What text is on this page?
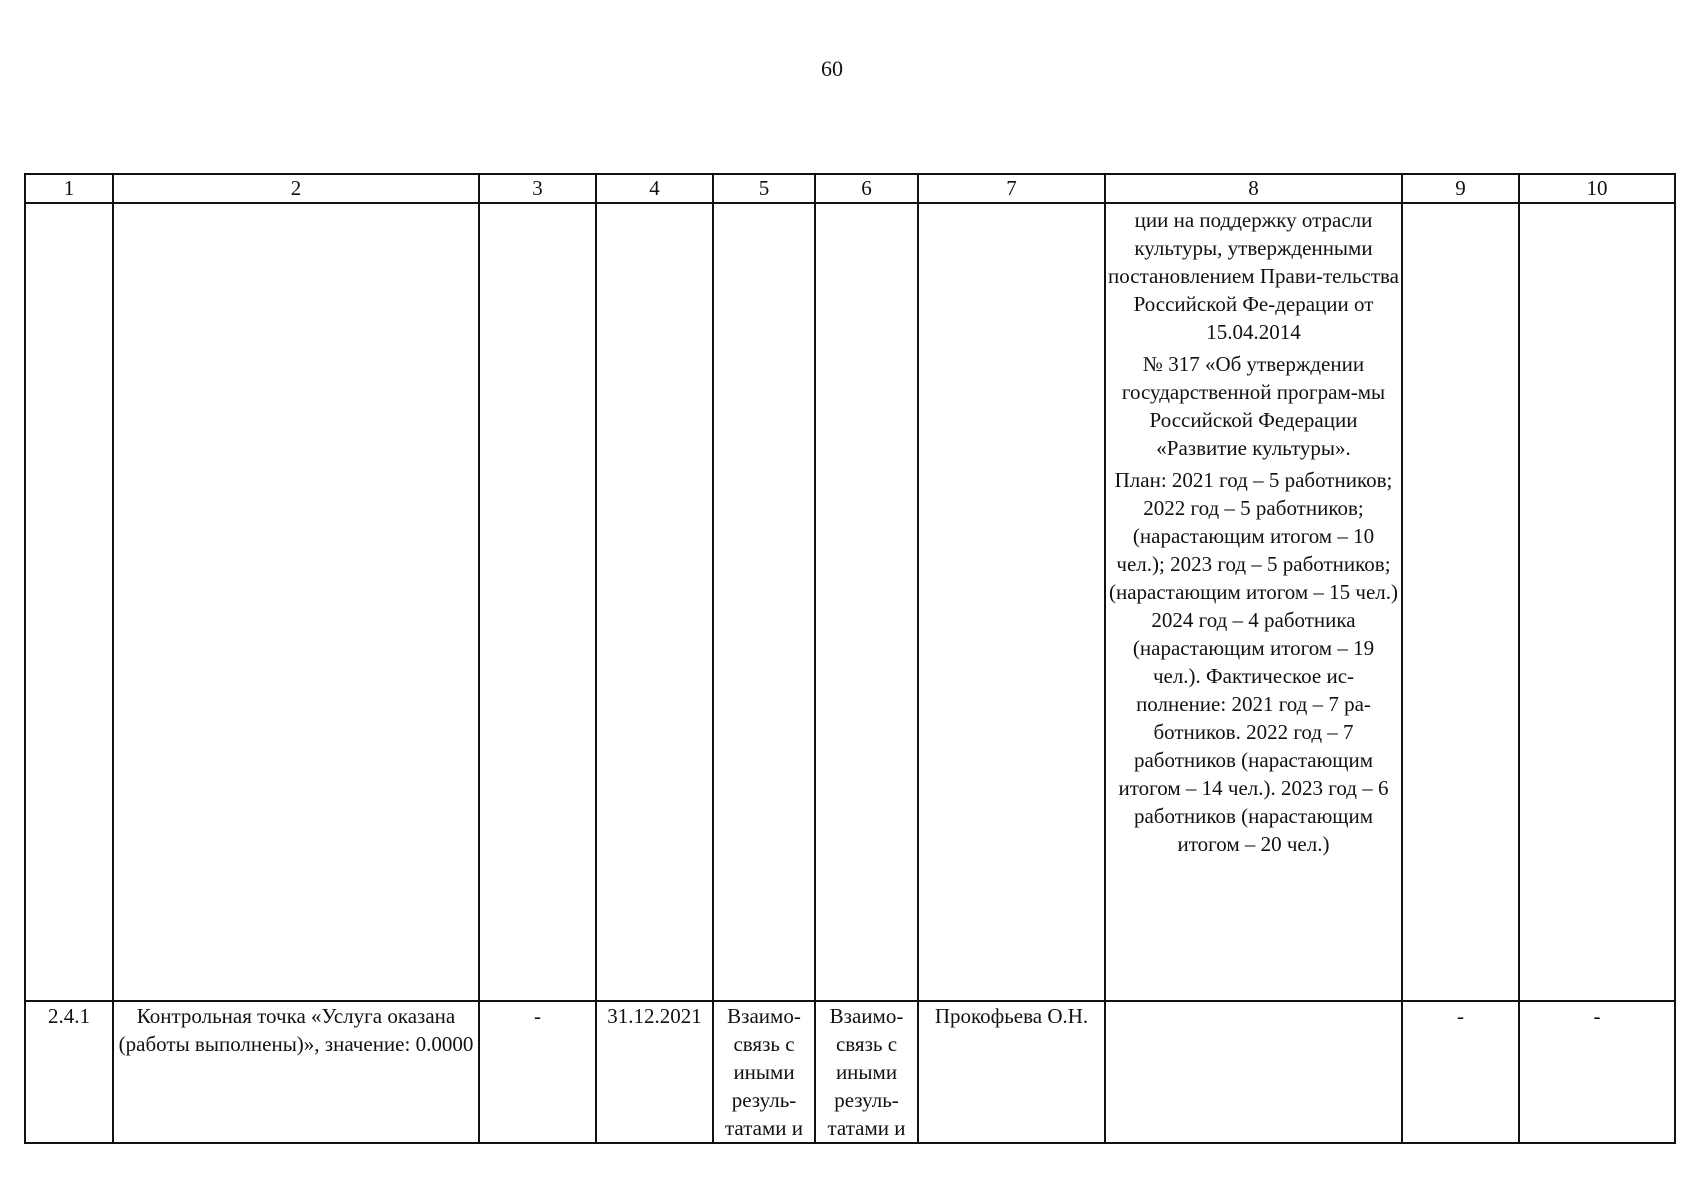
60
1	2	3	4	5	6	7	8	9	10

							ции на поддержку отрасли культуры, утвержденными постановлением Прави-тельства Российской Фе-дерации от 15.04.2014

№ 317 «Об утверждении государственной програм-мы Российской Федерации «Развитие культуры».

План: 2021 год – 5 работников; 2022 год – 5 работников; (нарастающим итогом – 10 чел.); 2023 год – 5 работников; (нарастающим итогом – 15 чел.) 2024 год – 4 работника (нарастающим итогом – 19 чел.). Фактическое ис-полнение: 2021 год – 7 ра-ботников. 2022 год – 7 работников (нарастающим итогом – 14 чел.). 2023 год – 6 работников (нарастающим итогом – 20 чел.)		

2.4.1	Контрольная точка «Услуга оказана (работы выполнены)», значение: 0.0000	-	31.12.2021	Взаимо-связь с иными резуль-татами и	Взаимо-связь с иными резуль-татами и	Прокофьева О.Н.		-	-
